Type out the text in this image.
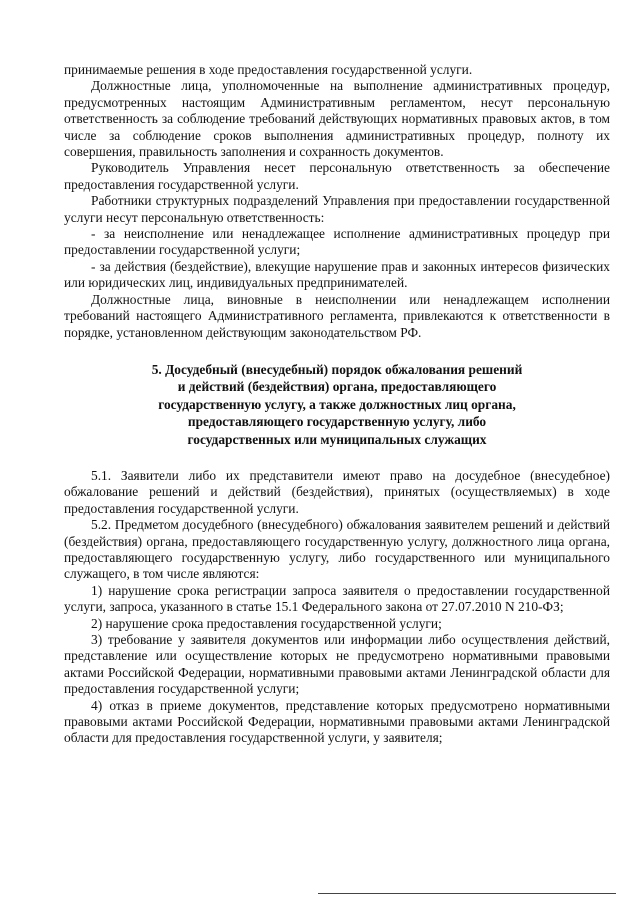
принимаемые решения в ходе предоставления государственной услуги.

Должностные лица, уполномоченные на выполнение административных процедур, предусмотренных настоящим Административным регламентом, несут персональную ответственность за соблюдение требований действующих нормативных правовых актов, в том числе за соблюдение сроков выполнения административных процедур, полноту их совершения, правильность заполнения и сохранность документов.

Руководитель Управления несет персональную ответственность за обеспечение предоставления государственной услуги.

Работники структурных подразделений Управления при предоставлении государственной услуги несут персональную ответственность:

- за неисполнение или ненадлежащее исполнение административных процедур при предоставлении государственной услуги;

- за действия (бездействие), влекущие нарушение прав и законных интересов физических или юридических лиц, индивидуальных предпринимателей.

Должностные лица, виновные в неисполнении или ненадлежащем исполнении требований настоящего Административного регламента, привлекаются к ответственности в порядке, установленном действующим законодательством РФ.

5. Досудебный (внесудебный) порядок обжалования решений
и действий (бездействия) органа, предоставляющего
государственную услугу, а также должностных лиц органа,
предоставляющего государственную услугу, либо
государственных или муниципальных служащих

5.1. Заявители либо их представители имеют право на досудебное (внесудебное) обжалование решений и действий (бездействия), принятых (осуществляемых) в ходе предоставления государственной услуги.

5.2. Предметом досудебного (внесудебного) обжалования заявителем решений и действий (бездействия) органа, предоставляющего государственную услугу, должностного лица органа, предоставляющего государственную услугу, либо государственного или муниципального служащего, в том числе являются:

1) нарушение срока регистрации запроса заявителя о предоставлении государственной услуги, запроса, указанного в статье 15.1 Федерального закона от 27.07.2010 N 210-ФЗ;

2) нарушение срока предоставления государственной услуги;

3) требование у заявителя документов или информации либо осуществления действий, представление или осуществление которых не предусмотрено нормативными правовыми актами Российской Федерации, нормативными правовыми актами Ленинградской области для предоставления государственной услуги;

4) отказ в приеме документов, представление которых предусмотрено нормативными правовыми актами Российской Федерации, нормативными правовыми актами Ленинградской области для предоставления государственной услуги, у заявителя;
